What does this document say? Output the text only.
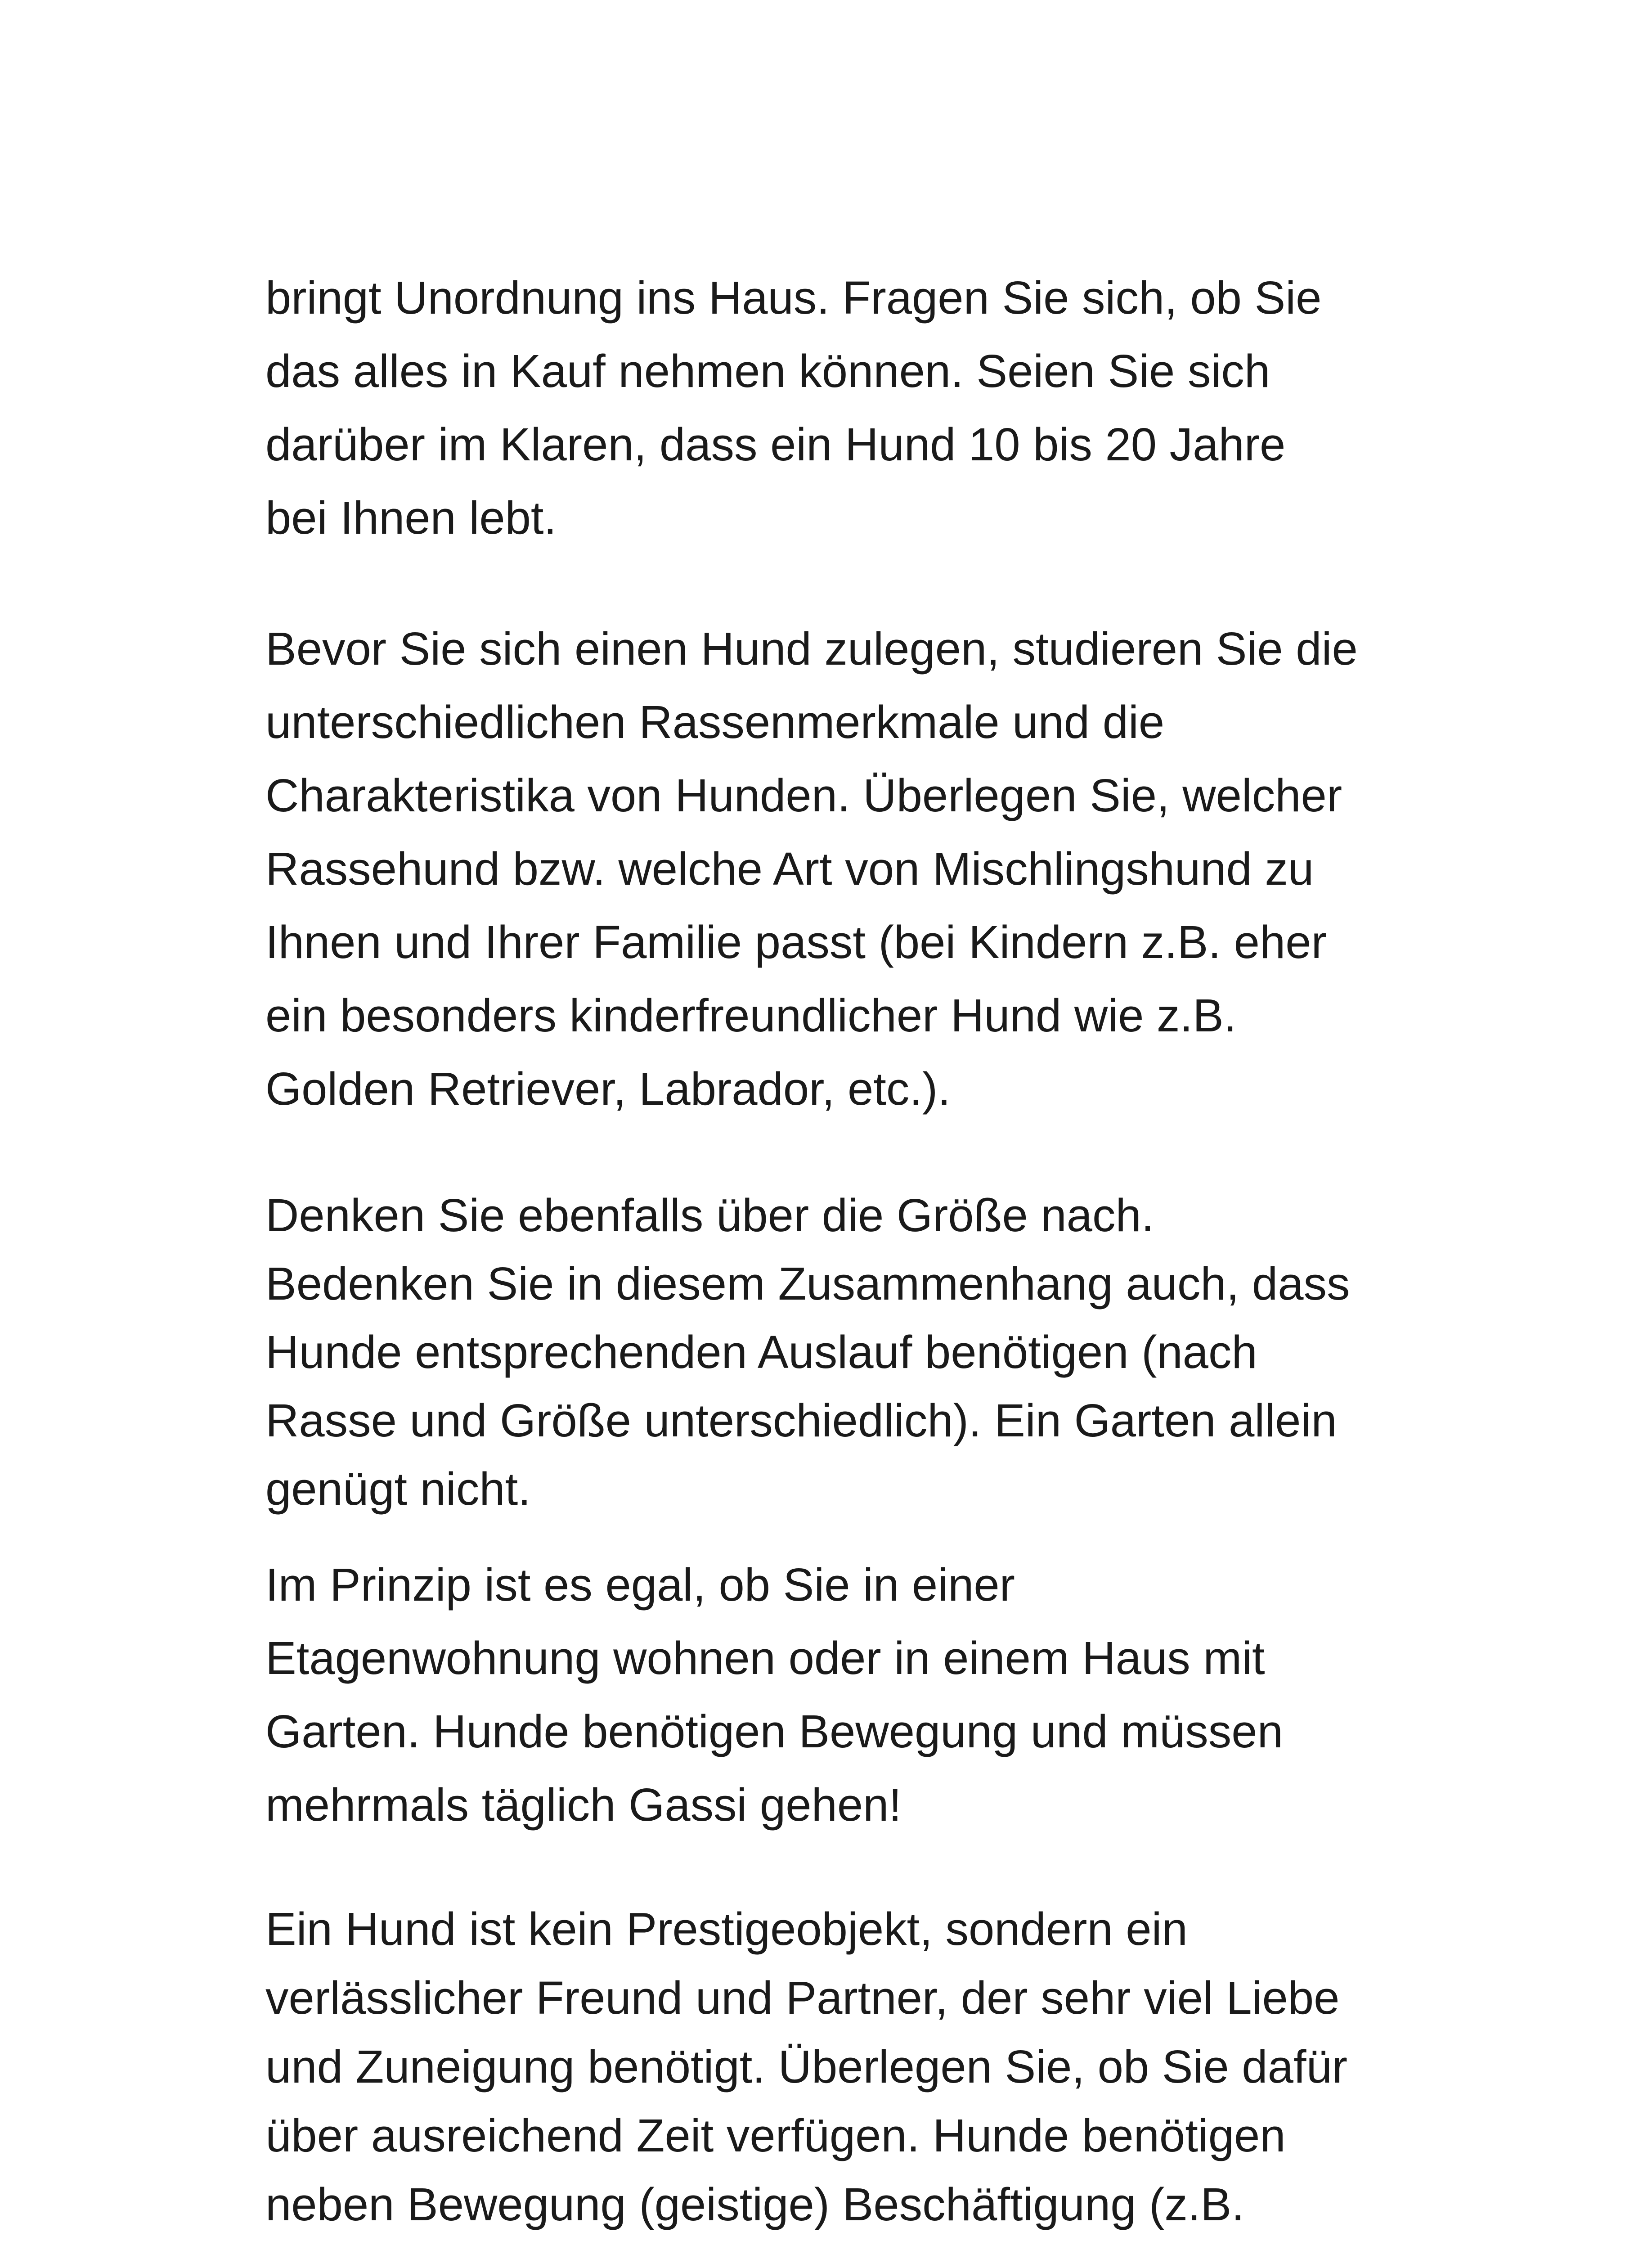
bringt Unordnung ins Haus. Fragen Sie sich, ob Sie
das alles in Kauf nehmen können. Seien Sie sich
darüber im Klaren, dass ein Hund 10 bis 20 Jahre
bei Ihnen lebt.

Bevor Sie sich einen Hund zulegen, studieren Sie die
unterschiedlichen Rassenmerkmale und die
Charakteristika von Hunden. Überlegen Sie, welcher
Rassehund bzw. welche Art von Mischlingshund zu
Ihnen und Ihrer Familie passt (bei Kindern z.B. eher
ein besonders kinderfreundlicher Hund wie z.B.
Golden Retriever, Labrador, etc.).

Denken Sie ebenfalls über die Größe nach.
Bedenken Sie in diesem Zusammenhang auch, dass
Hunde entsprechenden Auslauf benötigen (nach
Rasse und Größe unterschiedlich). Ein Garten allein
genügt nicht.

Im Prinzip ist es egal, ob Sie in einer
Etagenwohnung wohnen oder in einem Haus mit
Garten. Hunde benötigen Bewegung und müssen
mehrmals täglich Gassi gehen!

Ein Hund ist kein Prestigeobjekt, sondern ein
verlässlicher Freund und Partner, der sehr viel Liebe
und Zuneigung benötigt. Überlegen Sie, ob Sie dafür
über ausreichend Zeit verfügen. Hunde benötigen
neben Bewegung (geistige) Beschäftigung (z.B.
